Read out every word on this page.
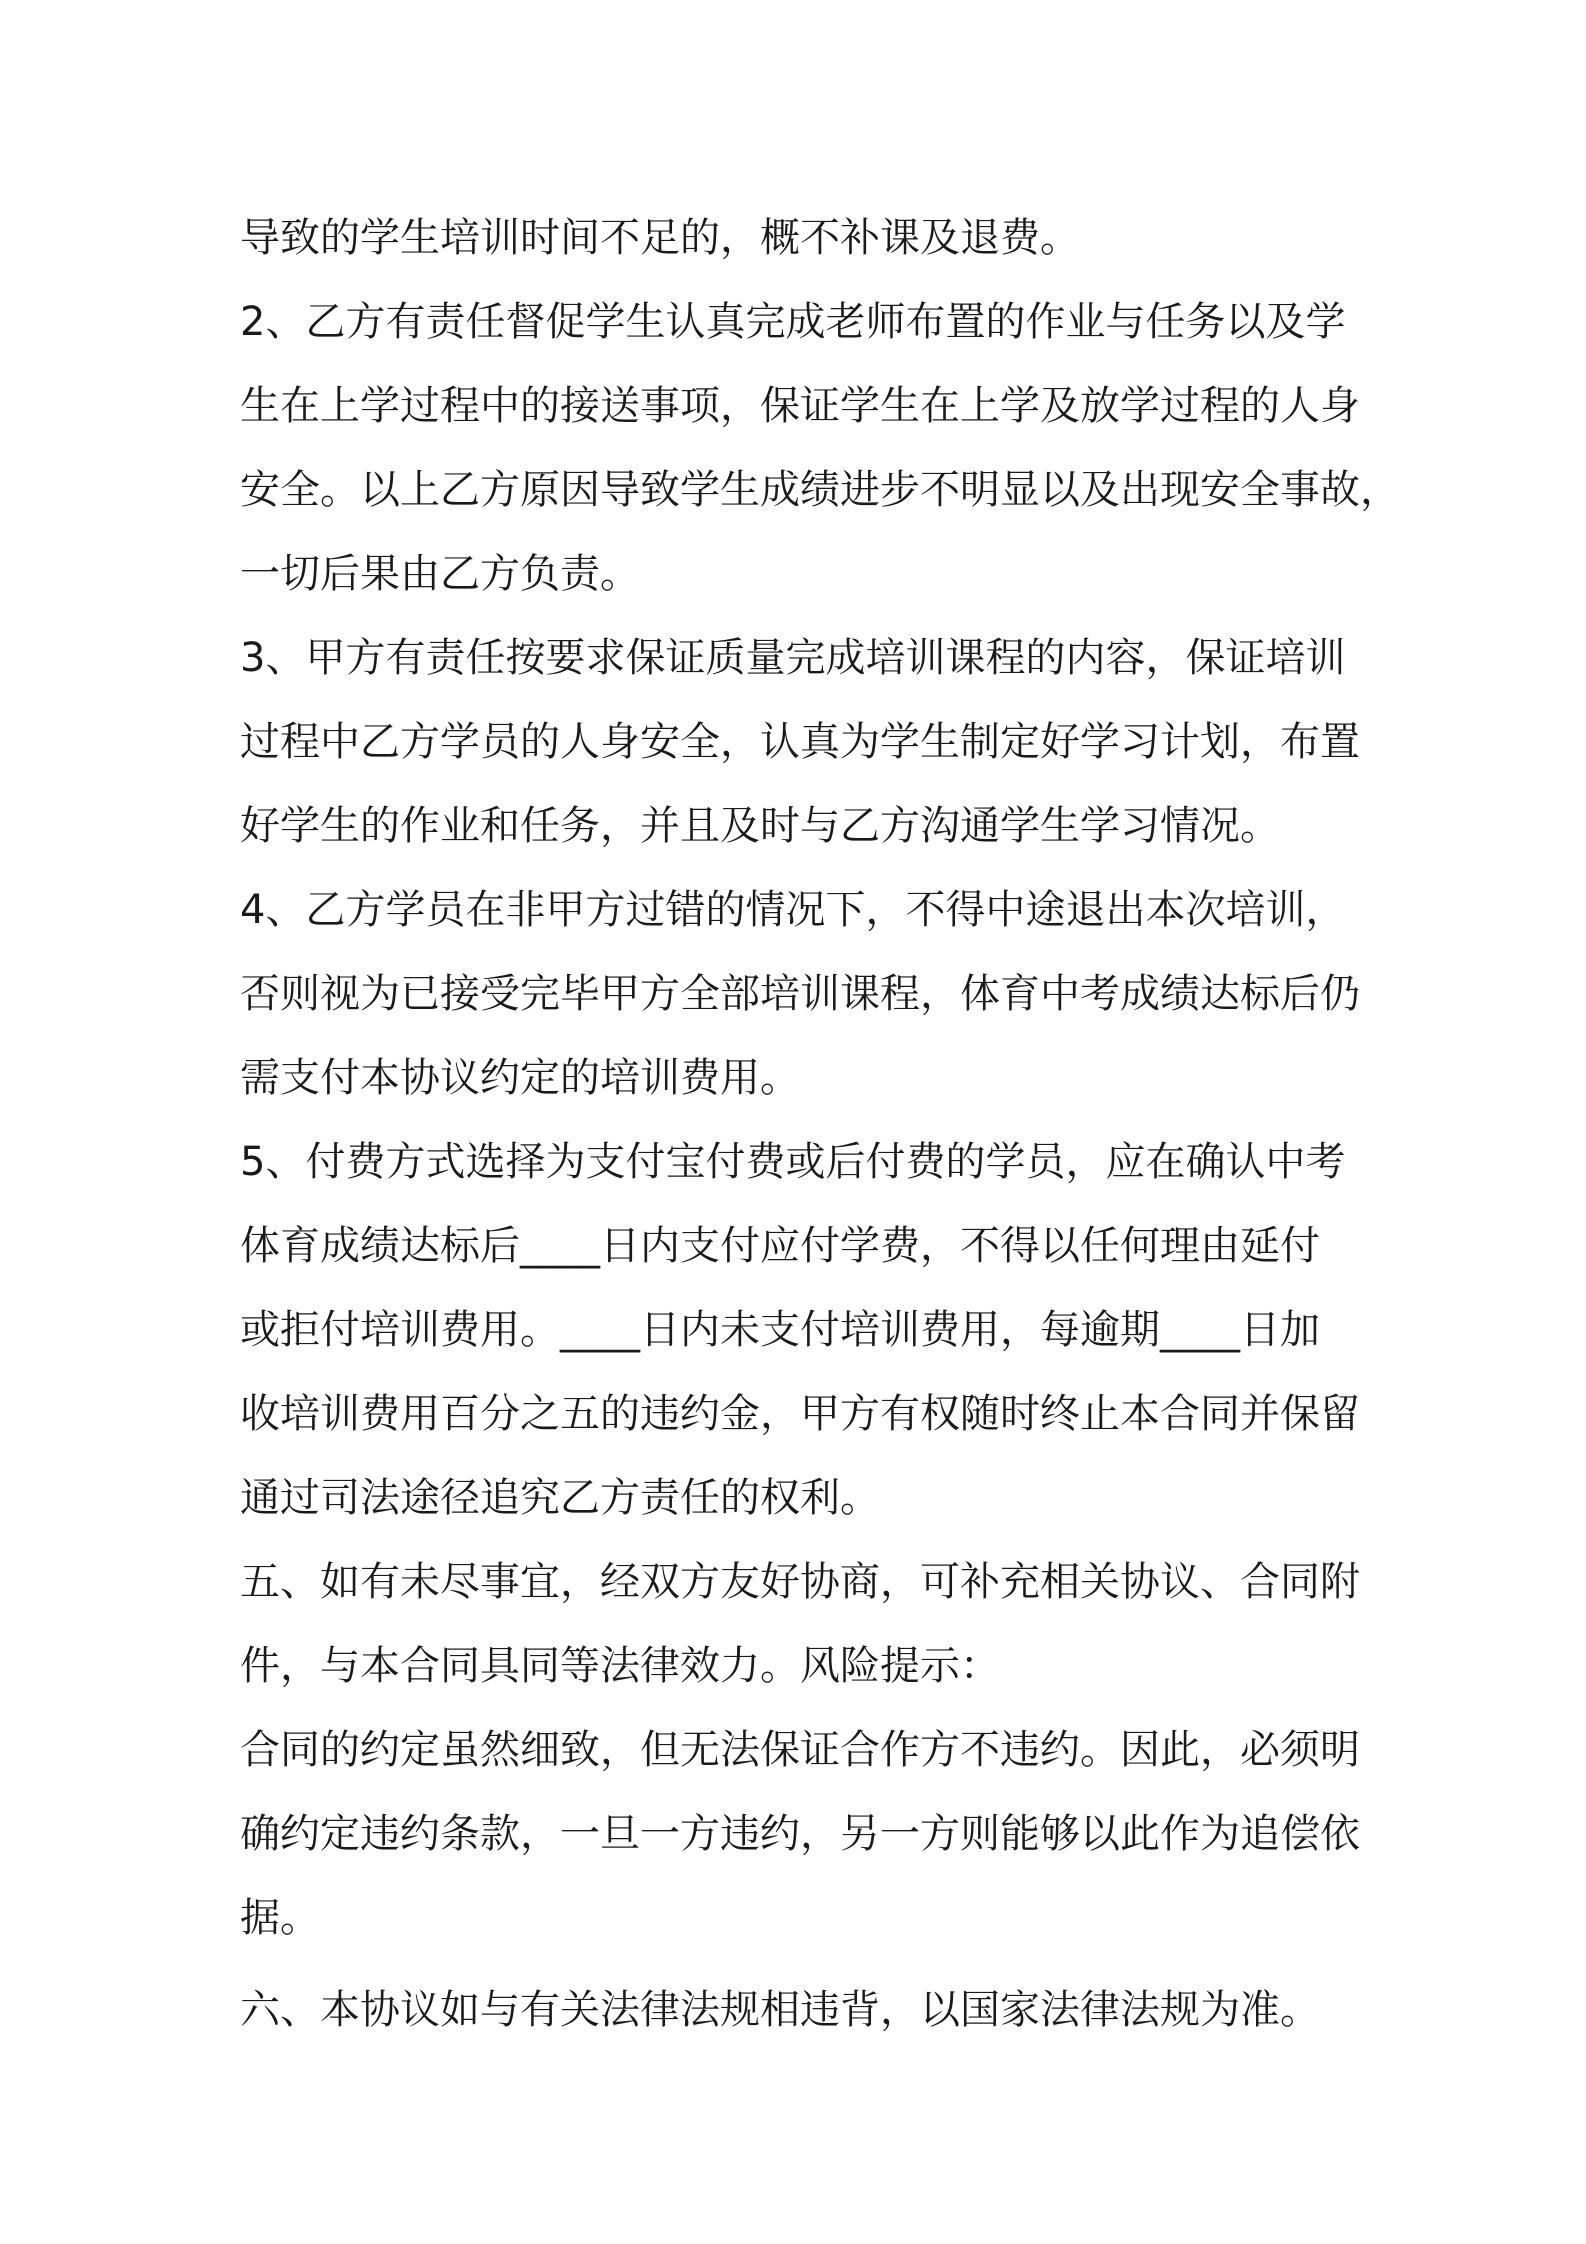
导致的学生培训时间不足的，概不补课及退费。
2、乙方有责任督促学生认真完成老师布置的作业与任务以及学
生在上学过程中的接送事项，保证学生在上学及放学过程的人身
安全。以上乙方原因导致学生成绩进步不明显以及出现安全事故，
一切后果由乙方负责。
3、甲方有责任按要求保证质量完成培训课程的内容，保证培训
过程中乙方学员的人身安全，认真为学生制定好学习计划，布置
好学生的作业和任务，并且及时与乙方沟通学生学习情况。
4、乙方学员在非甲方过错的情况下，不得中途退出本次培训，
否则视为已接受完毕甲方全部培训课程，体育中考成绩达标后仍
需支付本协议约定的培训费用。
5、付费方式选择为支付宝付费或后付费的学员，应在确认中考
体育成绩达标后____日内支付应付学费，不得以任何理由延付
或拒付培训费用。____日内未支付培训费用，每逾期____日加
收培训费用百分之五的违约金，甲方有权随时终止本合同并保留
通过司法途径追究乙方责任的权利。
五、如有未尽事宜，经双方友好协商，可补充相关协议、合同附
件，与本合同具同等法律效力。风险提示：
合同的约定虽然细致，但无法保证合作方不违约。因此，必须明
确约定违约条款，一旦一方违约，另一方则能够以此作为追偿依
据。
六、本协议如与有关法律法规相违背，以国家法律法规为准。
